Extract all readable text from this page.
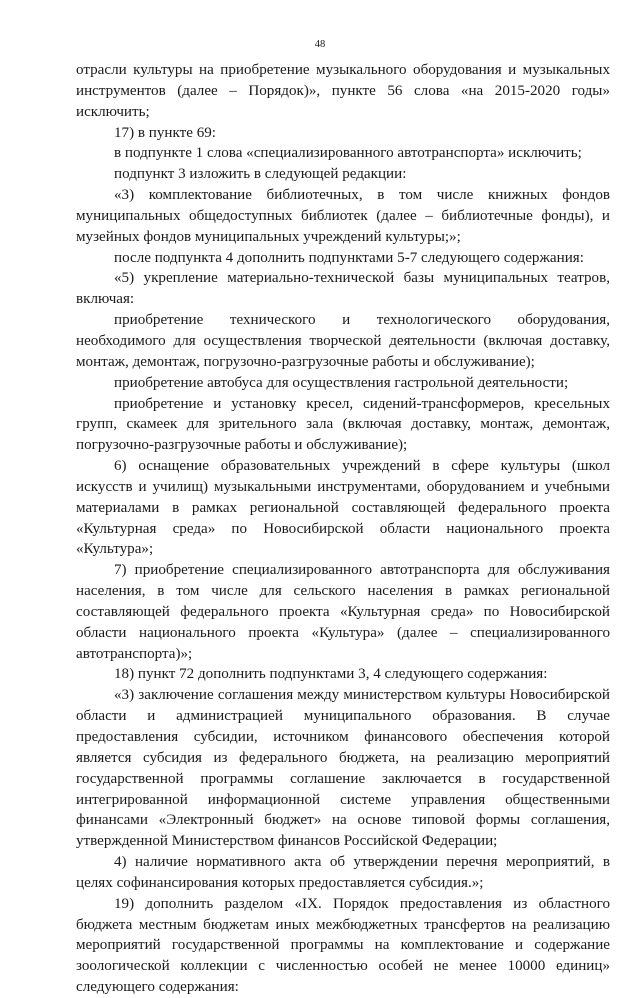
48

отрасли культуры на приобретение музыкального оборудования и музыкальных инструментов (далее – Порядок)», пункте 56 слова «на 2015-2020 годы» исключить;

17) в пункте 69:

в подпункте 1 слова «специализированного автотранспорта» исключить;

подпункт 3 изложить в следующей редакции:

«3) комплектование библиотечных, в том числе книжных фондов муниципальных общедоступных библиотек (далее – библиотечные фонды), и музейных фондов муниципальных учреждений культуры;»;

после подпункта 4 дополнить подпунктами 5-7 следующего содержания:

«5) укрепление материально-технической базы муниципальных театров, включая:

приобретение технического и технологического оборудования, необходимого для осуществления творческой деятельности (включая доставку, монтаж, демонтаж, погрузочно-разгрузочные работы и обслуживание);

приобретение автобуса для осуществления гастрольной деятельности;

приобретение и установку кресел, сидений-трансформеров, кресельных групп, скамеек для зрительного зала (включая доставку, монтаж, демонтаж, погрузочно-разгрузочные работы и обслуживание);

6) оснащение образовательных учреждений в сфере культуры (школ искусств и училищ) музыкальными инструментами, оборудованием и учебными материалами в рамках региональной составляющей федерального проекта «Культурная среда» по Новосибирской области национального проекта «Культура»;

7) приобретение специализированного автотранспорта для обслуживания населения, в том числе для сельского населения в рамках региональной составляющей федерального проекта «Культурная среда» по Новосибирской области национального проекта «Культура» (далее – специализированного автотранспорта)»;

18) пункт 72 дополнить подпунктами 3, 4 следующего содержания:

«3) заключение соглашения между министерством культуры Новосибирской области и администрацией муниципального образования. В случае предоставления субсидии, источником финансового обеспечения которой является субсидия из федерального бюджета, на реализацию мероприятий государственной программы соглашение заключается в государственной интегрированной информационной системе управления общественными финансами «Электронный бюджет» на основе типовой формы соглашения, утвержденной Министерством финансов Российской Федерации;

4) наличие нормативного акта об утверждении перечня мероприятий, в целях софинансирования которых предоставляется субсидия.»;

19) дополнить разделом «IX. Порядок предоставления из областного бюджета местным бюджетам иных межбюджетных трансфертов на реализацию мероприятий государственной программы на комплектование и содержание зоологической коллекции с численностью особей не менее 10000 единиц» следующего содержания:
